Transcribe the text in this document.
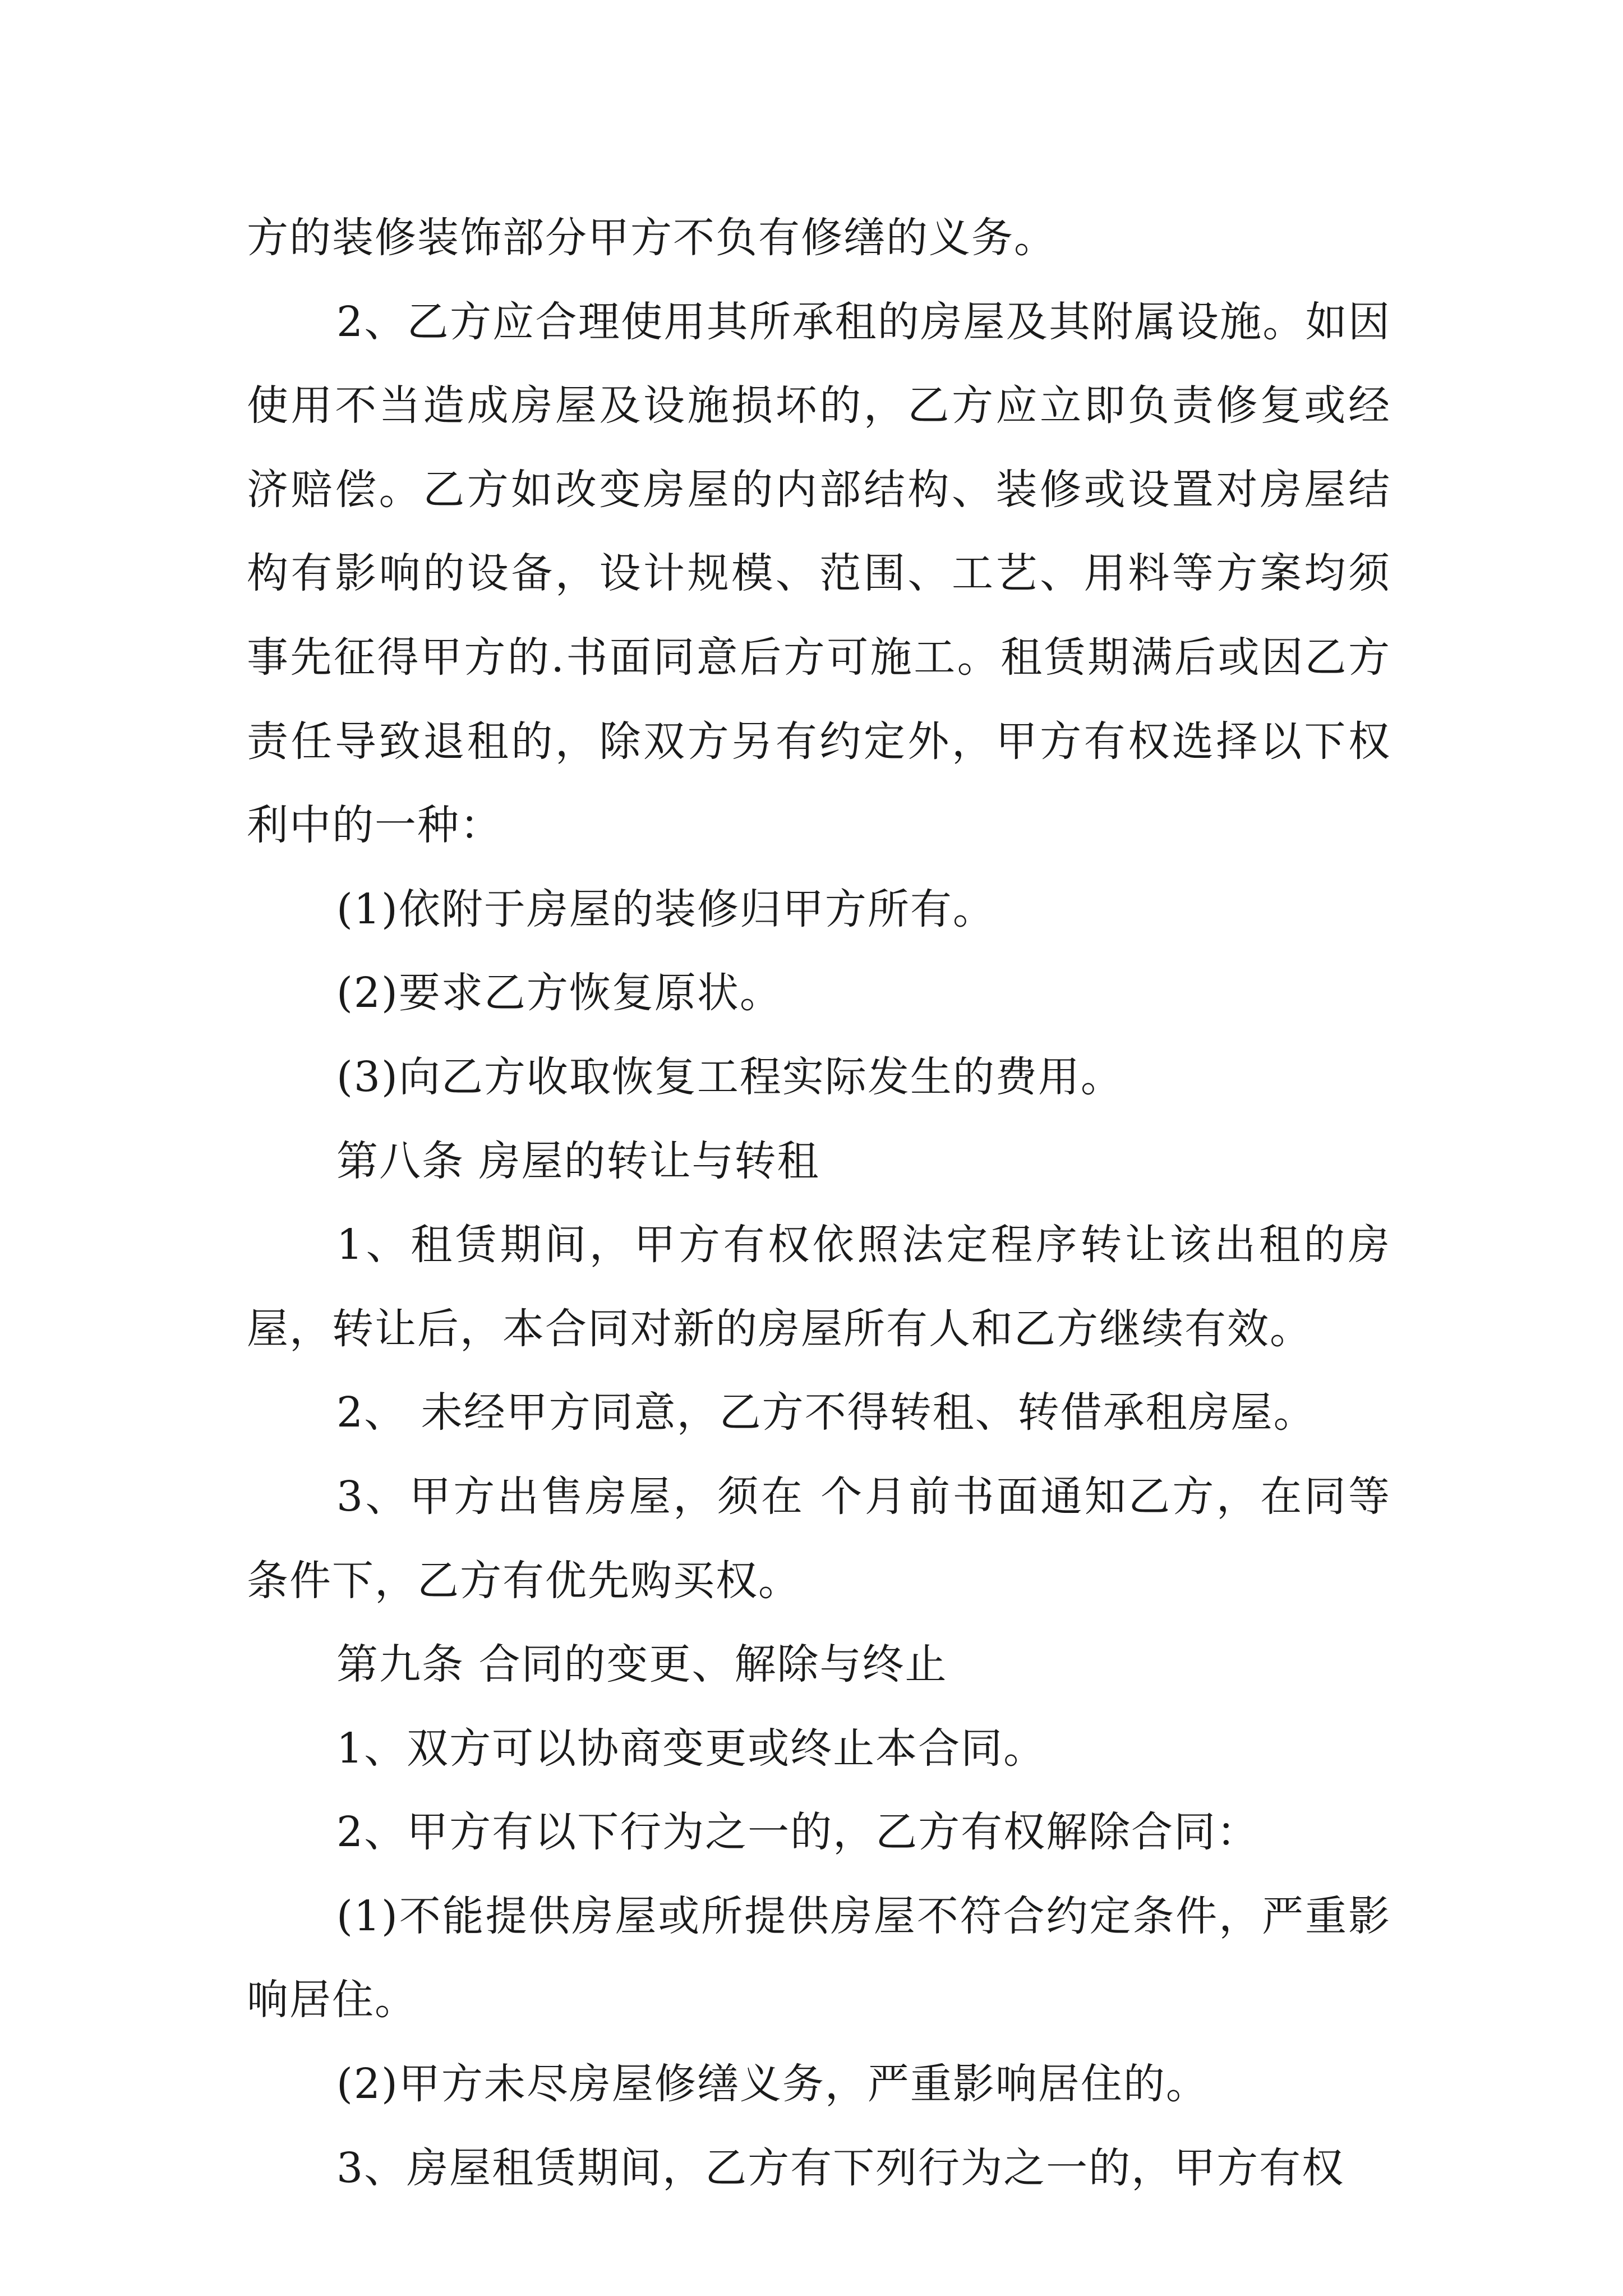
方的装修装饰部分甲方不负有修缮的义务。

2、乙方应合理使用其所承租的房屋及其附属设施。如因使用不当造成房屋及设施损坏的，乙方应立即负责修复或经济赔偿。乙方如改变房屋的内部结构、装修或设置对房屋结构有影响的设备，设计规模、范围、工艺、用料等方案均须事先征得甲方的.书面同意后方可施工。租赁期满后或因乙方责任导致退租的，除双方另有约定外，甲方有权选择以下权利中的一种：

(1)依附于房屋的装修归甲方所有。

(2)要求乙方恢复原状。

(3)向乙方收取恢复工程实际发生的费用。

第八条 房屋的转让与转租

1、租赁期间，甲方有权依照法定程序转让该出租的房屋，转让后，本合同对新的房屋所有人和乙方继续有效。

2、 未经甲方同意，乙方不得转租、转借承租房屋。

3、甲方出售房屋，须在 个月前书面通知乙方，在同等条件下，乙方有优先购买权。

第九条 合同的变更、解除与终止

1、双方可以协商变更或终止本合同。

2、甲方有以下行为之一的，乙方有权解除合同：

(1)不能提供房屋或所提供房屋不符合约定条件，严重影响居住。

(2)甲方未尽房屋修缮义务，严重影响居住的。

3、房屋租赁期间，乙方有下列行为之一的，甲方有权
